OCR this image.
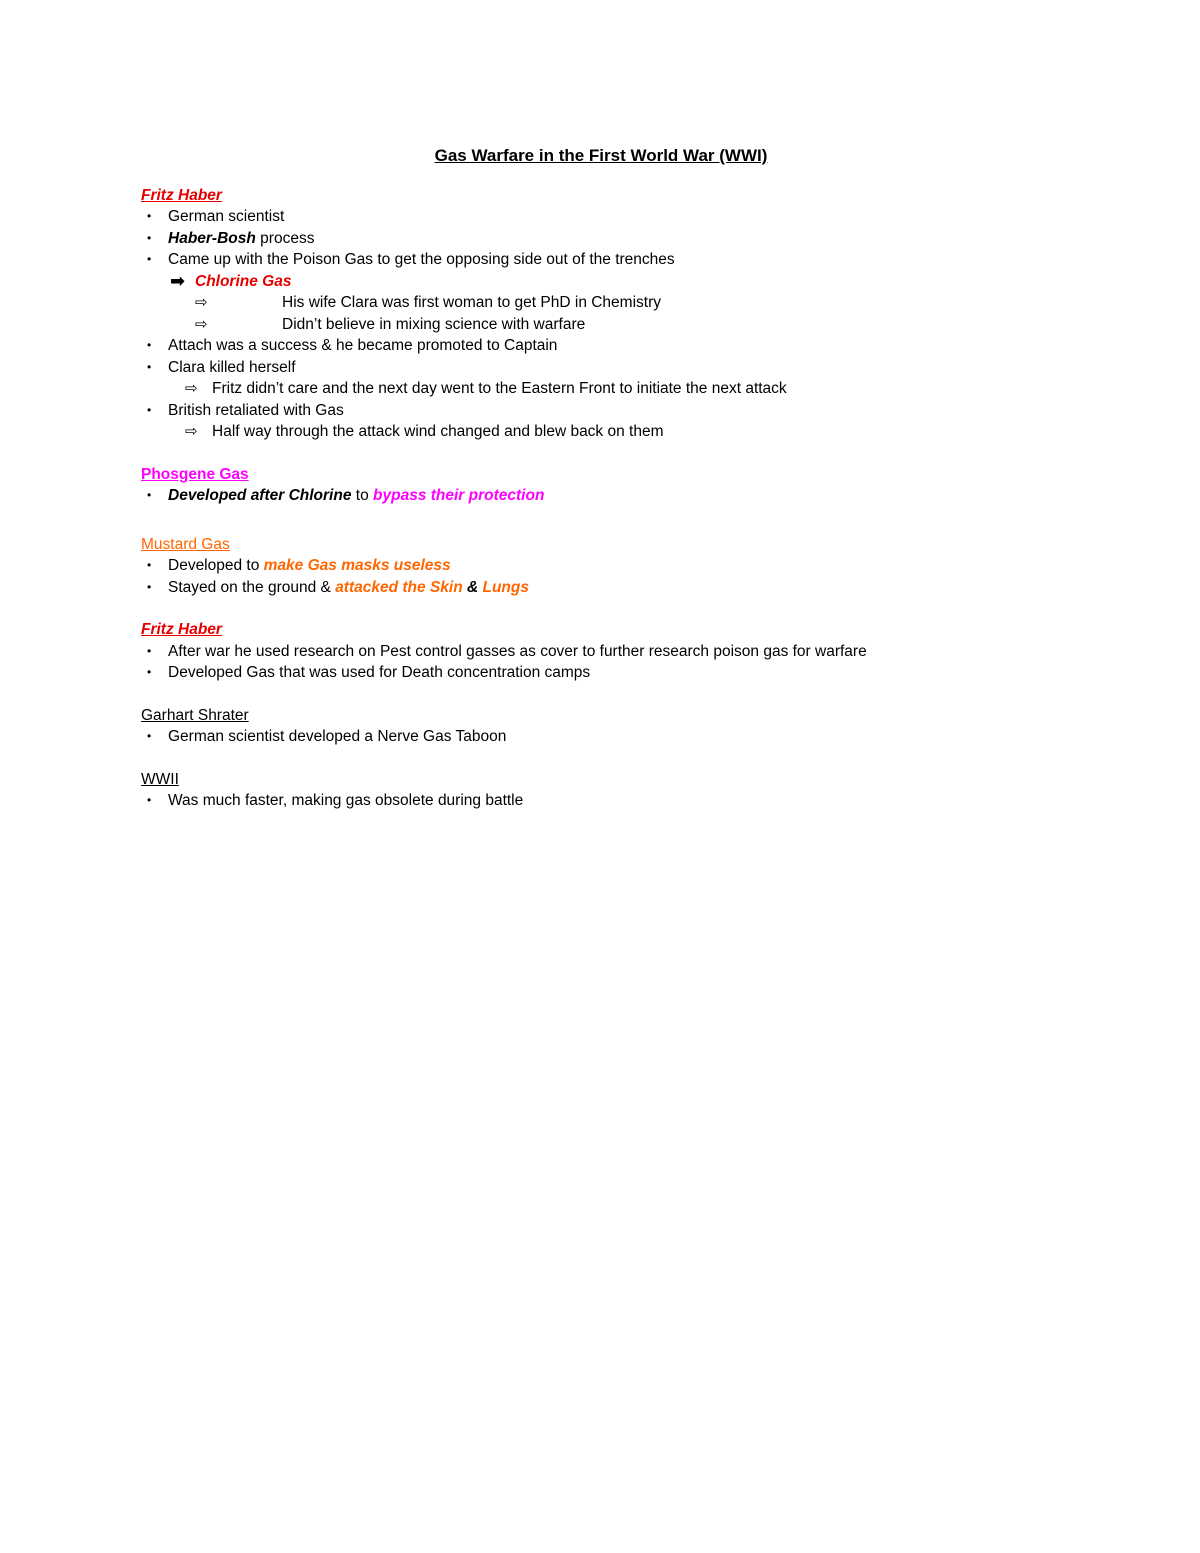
Gas Warfare in the First World War (WWI)
Fritz Haber
• German scientist
• Haber-Bosh process
• Came up with the Poison Gas to get the opposing side out of the trenches
➡ Chlorine Gas
⇨	His wife Clara was first woman to get PhD in Chemistry
⇨	Didn’t believe in mixing science with warfare
• Attach was a success & he became promoted to Captain
• Clara killed herself
⇨ Fritz didn’t care and the next day went to the Eastern Front to initiate the next attack
• British retaliated with Gas
⇨ Half way through the attack wind changed and blew back on them
Phosgene Gas
• Developed after Chlorine to bypass their protection
Mustard Gas
• Developed to make Gas masks useless
• Stayed on the ground & attacked the Skin & Lungs
Fritz Haber
• After war he used research on Pest control gasses as cover to further research poison gas for warfare
• Developed Gas that was used for Death concentration camps
Garhart Shrater
• German scientist developed a Nerve Gas Taboon
WWII
• Was much faster, making gas obsolete during battle
